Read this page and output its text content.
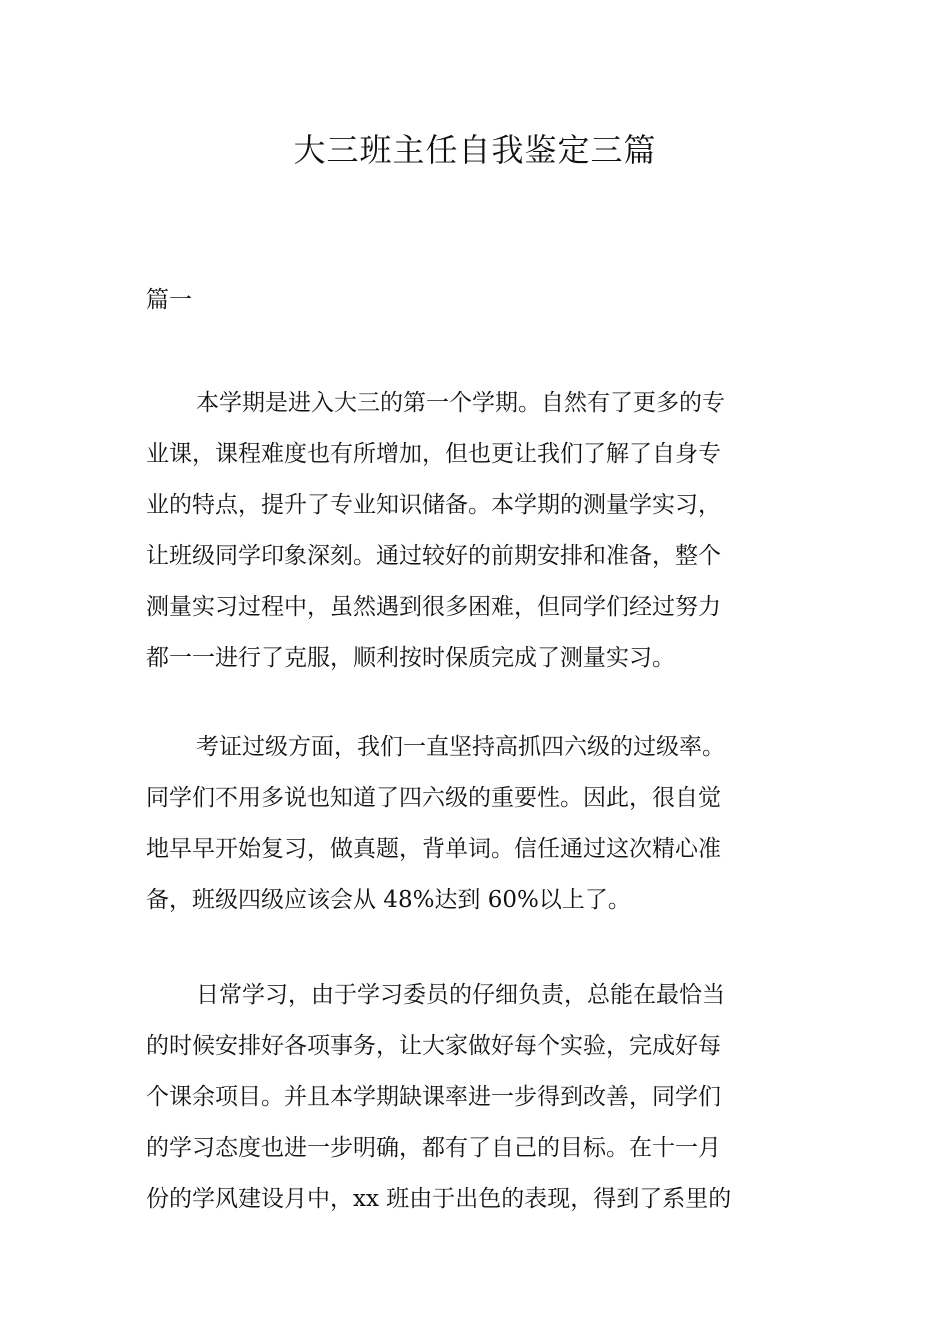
大三班主任自我鉴定三篇

篇一

本学期是进入大三的第一个学期。自然有了更多的专
业课，课程难度也有所增加，但也更让我们了解了自身专
业的特点，提升了专业知识储备。本学期的测量学实习，
让班级同学印象深刻。通过较好的前期安排和准备，整个
测量实习过程中，虽然遇到很多困难，但同学们经过努力
都一一进行了克服，顺利按时保质完成了测量实习。
考证过级方面，我们一直坚持高抓四六级的过级率。
同学们不用多说也知道了四六级的重要性。因此，很自觉
地早早开始复习，做真题，背单词。信任通过这次精心准
备，班级四级应该会从 48%达到 60%以上了。
日常学习，由于学习委员的仔细负责，总能在最恰当
的时候安排好各项事务，让大家做好每个实验，完成好每
个课余项目。并且本学期缺课率进一步得到改善，同学们
的学习态度也进一步明确，都有了自己的目标。在十一月
份的学风建设月中，xx 班由于出色的表现，得到了系里的
